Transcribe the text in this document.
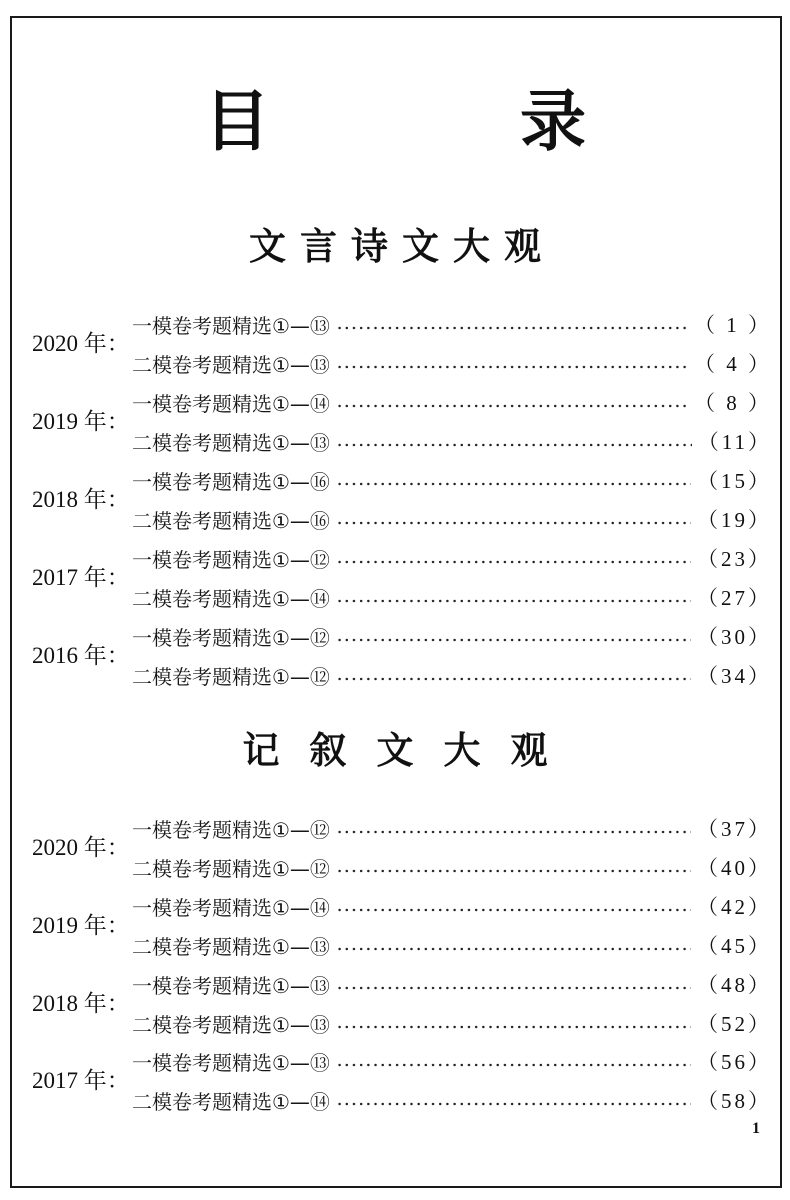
目　录
文言诗文大观
记叙文大观
2020 年：
一模卷考题精选①—⑬	（ 1 ）
二模卷考题精选①—⑬	（ 4 ）
2019 年：
一模卷考题精选①—⑭	（ 8 ）
二模卷考题精选①—⑬	（11）
2018 年：
一模卷考题精选①—⑯	（15）
二模卷考题精选①—⑯	（19）
2017 年：
一模卷考题精选①—⑫	（23）
二模卷考题精选①—⑭	（27）
2016 年：
一模卷考题精选①—⑫	（30）
二模卷考题精选①—⑫	（34）
2020 年：
一模卷考题精选①—⑫	（37）
二模卷考题精选①—⑫	（40）
2019 年：
一模卷考题精选①—⑭	（42）
二模卷考题精选①—⑬	（45）
2018 年：
一模卷考题精选①—⑬	（48）
二模卷考题精选①—⑬	（52）
2017 年：
一模卷考题精选①—⑬	（56）
二模卷考题精选①—⑭	（58）
1
